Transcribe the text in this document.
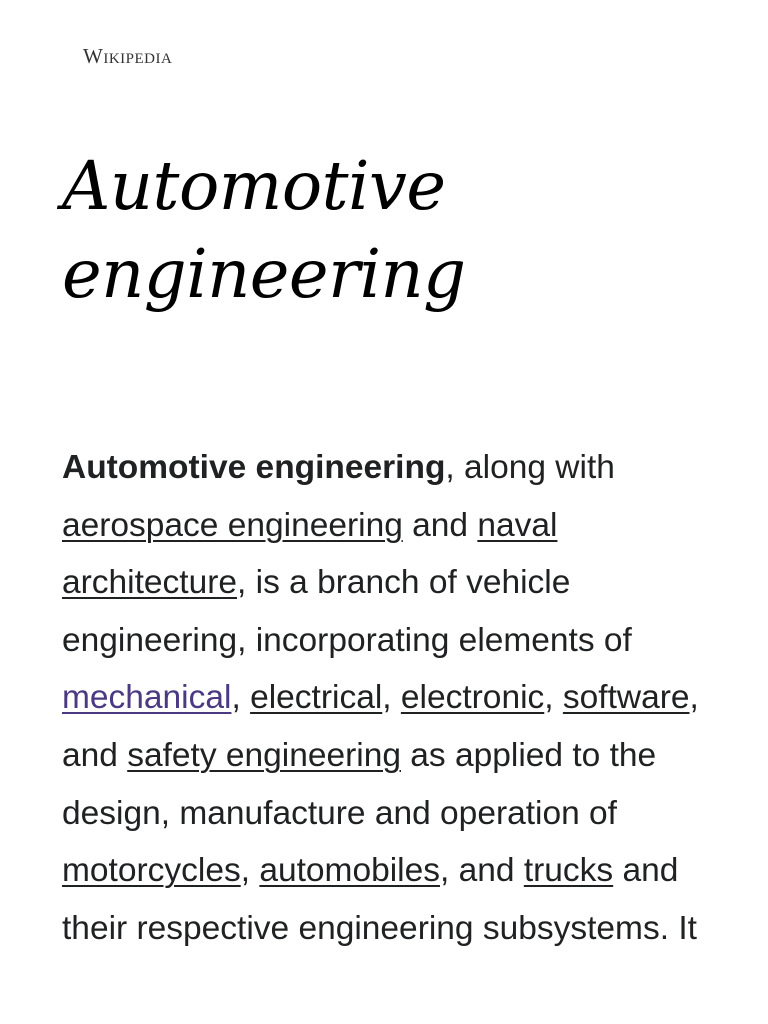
Wikipedia
Automotive
engineering

Automotive engineering, along with aerospace engineering and naval architecture, is a branch of vehicle engineering, incorporating elements of mechanical, electrical, electronic, software, and safety engineering as applied to the design, manufacture and operation of motorcycles, automobiles, and trucks and their respective engineering subsystems. It
